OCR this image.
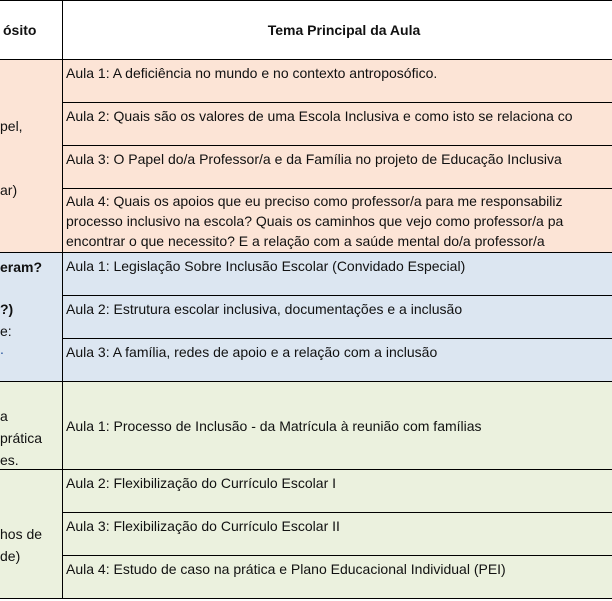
ósito	Tema Principal da Aula
pel,
ar)
Aula 1: A deficiência no mundo e no contexto antroposófico.
Aula 2: Quais são os valores de uma Escola Inclusiva e como isto se relaciona co
Aula 3: O Papel do/a Professor/a e da Família no projeto de Educação Inclusiva
Aula 4: Quais os apoios que eu preciso como professor/a para me responsabiliz
processo inclusivo na escola? Quais os caminhos que vejo como professor/a pa
encontrar o que necessito? E a relação com a saúde mental do/a professor/a
eram?
?)
e:
.
Aula 1: Legislação Sobre Inclusão Escolar (Convidado Especial)
Aula 2: Estrutura escolar inclusiva, documentações e a inclusão
Aula 3: A família, redes de apoio e a relação com a inclusão
a
prática
es.
Aula 1: Processo de Inclusão - da Matrícula à reunião com famílias
hos de
de)
Aula 2: Flexibilização do Currículo Escolar I
Aula 3: Flexibilização do Currículo Escolar II
Aula 4: Estudo de caso na prática e Plano Educacional Individual (PEI)
